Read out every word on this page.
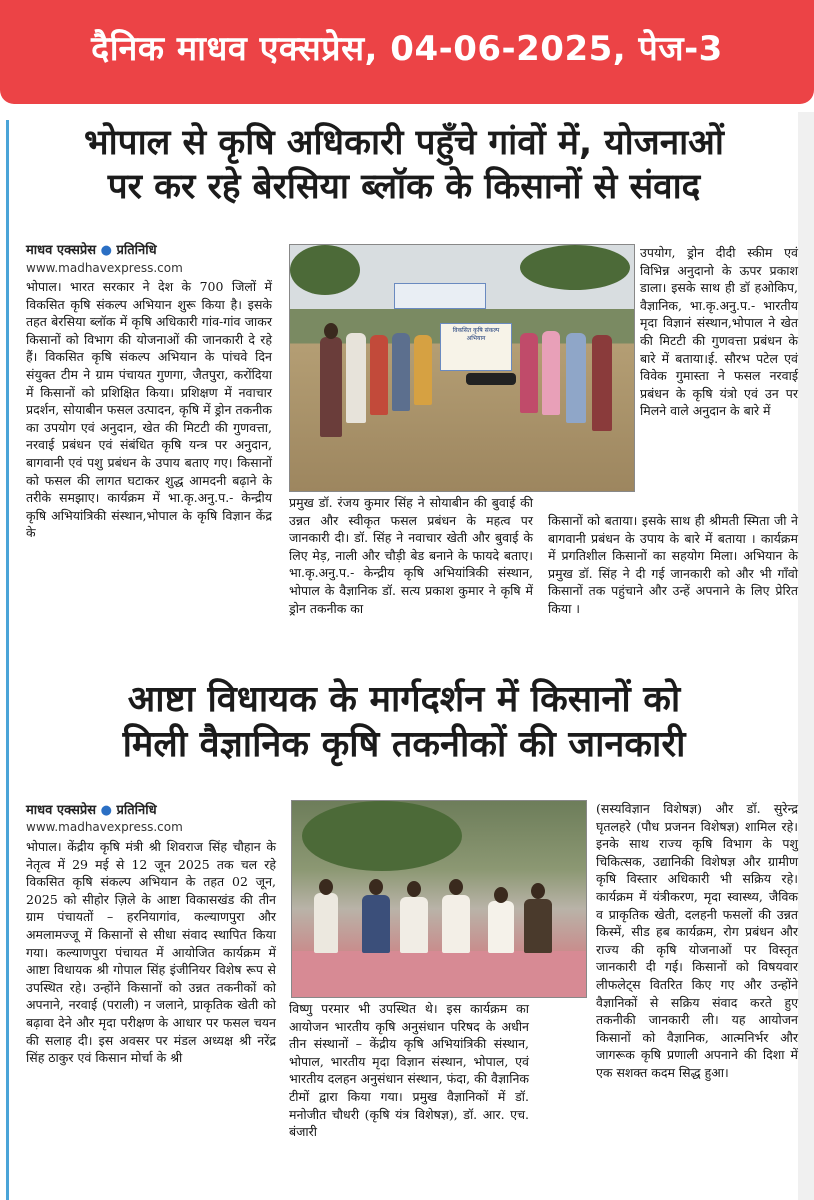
दैनिक माधव एक्सप्रेस, 04-06-2025, पेज-3
भोपाल से कृषि अधिकारी पहुँचे गांवों में, योजनाओं
पर कर रहे बेरसिया ब्लॉक के किसानों से संवाद
माधव एक्सप्रेस ● प्रतिनिधि
www.madhavexpress.com
भोपाल। भारत सरकार ने देश के 700 जिलों में विकसित कृषि संकल्प अभियान शुरू किया है। इसके तहत बेरसिया ब्लॉक में कृषि अधिकारी गांव-गांव जाकर किसानों को विभाग की योजनाओं की जानकारी दे रहे हैं। विकसित कृषि संकल्प अभियान के पांचवे दिन संयुक्त टीम ने ग्राम पंचायत गुणगा, जैतपुरा, करोंदिया में किसानों को प्रशिक्षित किया। प्रशिक्षण में नवाचार प्रदर्शन, सोयाबीन फसल उत्पादन, कृषि में ड्रोन तकनीक का उपयोग एवं अनुदान, खेत की मिटटी की गुणवत्ता, नरवाई प्रबंधन एवं संबंधित कृषि यन्त्र पर अनुदान, बागवानी एवं पशु प्रबंधन के उपाय बताए गए। किसानों को फसल की लागत घटाकर शुद्ध आमदनी बढ़ाने के तरीके समझाए। कार्यक्रम में भा.कृ.अनु.प.- केन्द्रीय कृषि अभियांत्रिकी संस्थान,भोपाल के कृषि विज्ञान केंद्र के
विकसित कृषि संकल्प अभियान
उपयोग, ड्रोन दीदी स्कीम एवं विभिन्न अनुदानो के ऊपर प्रकाश डाला। इसके साथ ही डॉ हओकिप, वैज्ञानिक, भा.कृ.अनु.प.- भारतीय मृदा विज्ञानं संस्थान,भोपाल ने खेत की मिटटी की गुणवत्ता प्रबंधन के बारे में बताया।ई. सौरभ पटेल एवं विवेक गुमास्ता ने फसल नरवाई प्रबंधन के कृषि यंत्रो एवं उन पर मिलने वाले अनुदान के बारे में
प्रमुख डॉ. रंजय कुमार सिंह ने सोयाबीन की बुवाई की उन्नत और स्वीकृत फसल प्रबंधन के महत्व पर जानकारी दी। डॉ. सिंह ने नवाचार खेती और बुवाई के लिए मेड़, नाली और चौड़ी बेड बनाने के फायदे बताए। भा.कृ.अनु.प.- केन्द्रीय कृषि अभियांत्रिकी संस्थान, भोपाल के वैज्ञानिक डॉ. सत्य प्रकाश कुमार ने कृषि में ड्रोन तकनीक का
किसानों को बताया। इसके साथ ही श्रीमती स्मिता जी ने बागवानी प्रबंधन के उपाय के बारे में बताया । कार्यक्रम में प्रगतिशील किसानों का सहयोग मिला। अभियान के प्रमुख डॉ. सिंह ने दी गई जानकारी को और भी गाँवो किसानों तक पहुंचाने और उन्हें अपनाने के लिए प्रेरित किया ।
आष्टा विधायक के मार्गदर्शन में किसानों को
मिली वैज्ञानिक कृषि तकनीकों की जानकारी
माधव एक्सप्रेस ● प्रतिनिधि
www.madhavexpress.com
भोपाल। केंद्रीय कृषि मंत्री श्री शिवराज सिंह चौहान के नेतृत्व में 29 मई से 12 जून 2025 तक चल रहे विकसित कृषि संकल्प अभियान के तहत 02 जून, 2025 को सीहोर ज़िले के आष्टा विकासखंड की तीन ग्राम पंचायतों – हरनियागांव, कल्याणपुरा और अमलामज्जू में किसानों से सीधा संवाद स्थापित किया गया। कल्याणपुरा पंचायत में आयोजित कार्यक्रम में आष्टा विधायक श्री गोपाल सिंह इंजीनियर विशेष रूप से उपस्थित रहे। उन्होंने किसानों को उन्नत तकनीकों को अपनाने, नरवाई (पराली) न जलाने, प्राकृतिक खेती को बढ़ावा देने और मृदा परीक्षण के आधार पर फसल चयन की सलाह दी। इस अवसर पर मंडल अध्यक्ष श्री नरेंद्र सिंह ठाकुर एवं किसान मोर्चा के श्री
(सस्यविज्ञान विशेषज्ञ) और डॉ. सुरेन्द्र घृतलहरे (पौध प्रजनन विशेषज्ञ) शामिल रहे। इनके साथ राज्य कृषि विभाग के पशु चिकित्सक, उद्यानिकी विशेषज्ञ और ग्रामीण कृषि विस्तार अधिकारी भी सक्रिय रहे। कार्यक्रम में यंत्रीकरण, मृदा स्वास्थ्य, जैविक व प्राकृतिक खेती, दलहनी फसलों की उन्नत किस्में, सीड हब कार्यक्रम, रोग प्रबंधन और राज्य की कृषि योजनाओं पर विस्तृत जानकारी दी गई। किसानों को विषयवार लीफलेट्स वितरित किए गए और उन्होंने वैज्ञानिकों से सक्रिय संवाद करते हुए तकनीकी जानकारी ली। यह आयोजन किसानों को वैज्ञानिक, आत्मनिर्भर और जागरूक कृषि प्रणाली अपनाने की दिशा में एक सशक्त कदम सिद्ध हुआ।
विष्णु परमार भी उपस्थित थे। इस कार्यक्रम का आयोजन भारतीय कृषि अनुसंधान परिषद के अधीन तीन संस्थानों – केंद्रीय कृषि अभियांत्रिकी संस्थान, भोपाल, भारतीय मृदा विज्ञान संस्थान, भोपाल, एवं भारतीय दलहन अनुसंधान संस्थान, फंदा, की वैज्ञानिक टीमों द्वारा किया गया। प्रमुख वैज्ञानिकों में डॉ. मनोजीत चौधरी (कृषि यंत्र विशेषज्ञ), डॉ. आर. एच. बंजारी
